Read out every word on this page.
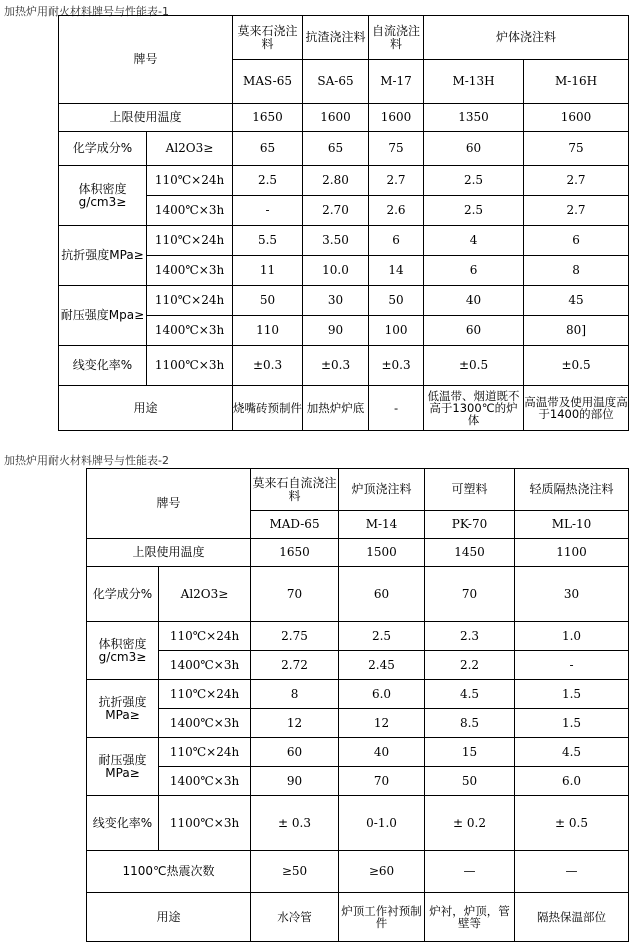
加热炉用耐火材料牌号与性能表-1
牌号		莫来石浇注料	抗渣浇注料	自流浇注料	炉体浇注料	
		MAS-65	SA-65	M-17	M-13H	M-16H
上限使用温度		1650	1600	1600	1350	1600
化学成分%	Al2O3≥	65	65	75	60	75
体积密度g/cm3≥	110℃×24h	2.5	2.80	2.7	2.5	2.7
	1400℃×3h	-	2.70	2.6	2.5	2.7
抗折强度MPa≥	110℃×24h	5.5	3.50	6	4	6
	1400℃×3h	11	10.0	14	6	8
耐压强度Mpa≥	110℃×24h	50	30	50	40	45
	1400℃×3h	110	90	100	60	80]
线变化率%	1100℃×3h	±0.3	±0.3	±0.3	±0.5	±0.5
用途		烧嘴砖预制件	加热炉炉底	-	低温带、烟道既不高于1300℃的炉体	高温带及使用温度高于1400的部位
加热炉用耐火材料牌号与性能表-2
牌号		莫来石自流浇注料	炉顶浇注料	可塑料	轻质隔热浇注料
		MAD-65	M-14	PK-70	ML-10
上限使用温度		1650	1500	1450	1100
化学成分%	Al2O3≥	70	60	70	30
体积密度g/cm3≥	110℃×24h	2.75	2.5	2.3	1.0
	1400℃×3h	2.72	2.45	2.2	-
抗折强度MPa≥	110℃×24h	8	6.0	4.5	1.5
	1400℃×3h	12	12	8.5	1.5
耐压强度MPa≥	110℃×24h	60	40	15	4.5
	1400℃×3h	90	70	50	6.0
线变化率%	1100℃×3h	± 0.3	0-1.0	± 0.2	± 0.5
1100℃热震次数		≥50	≥60	—	—
用途		水冷管	炉顶工作衬预制件	炉衬，炉顶，管壁等	隔热保温部位
